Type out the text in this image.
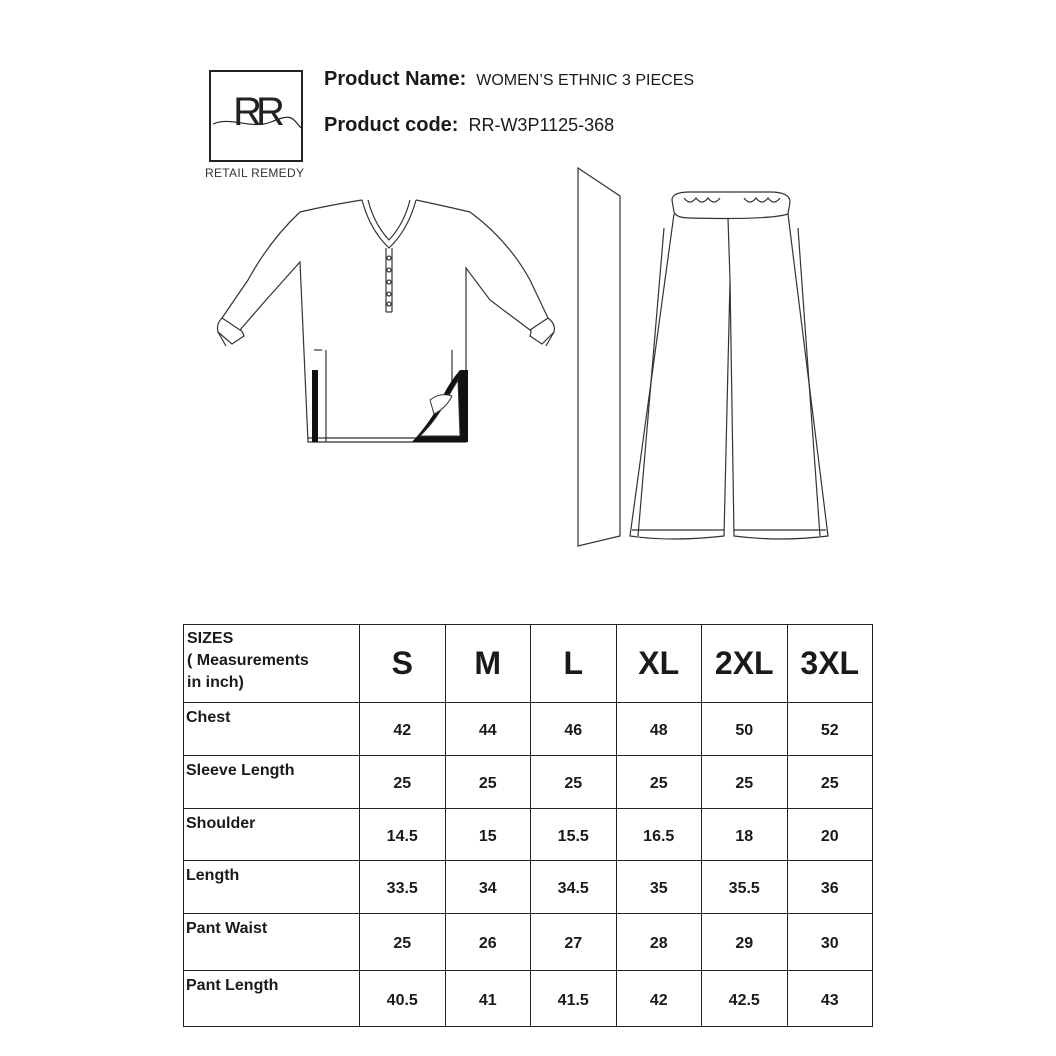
RR
RETAIL REMEDY
Product Name: WOMEN’S ETHNIC 3 PIECES
Product code: RR-W3P1125-368
SIZES
( Measurements
in inch)	S	M	L	XL	2XL	3XL
Chest	42	44	46	48	50	52
Sleeve Length	25	25	25	25	25	25
Shoulder	14.5	15	15.5	16.5	18	20
Length	33.5	34	34.5	35	35.5	36
Pant Waist	25	26	27	28	29	30
Pant Length	40.5	41	41.5	42	42.5	43
